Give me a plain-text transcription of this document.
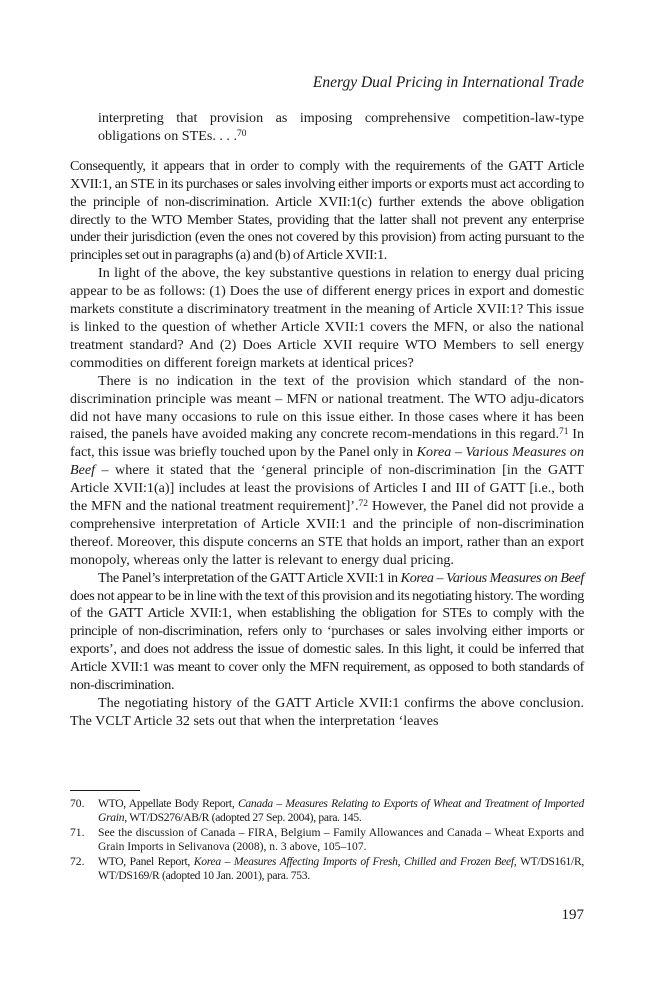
Energy Dual Pricing in International Trade

interpreting that provision as imposing comprehensive competition-law-type obligations on STEs. . . .$^{70}$

Consequently, it appears that in order to comply with the requirements of the GATT Article XVII:1, an STE in its purchases or sales involving either imports or exports must act according to the principle of non-discrimination. Article XVII:1(c) further extends the above obligation directly to the WTO Member States, providing that the latter shall not prevent any enterprise under their jurisdiction (even the ones not covered by this provision) from acting pursuant to the principles set out in paragraphs (a) and (b) of Article XVII:1.

In light of the above, the key substantive questions in relation to energy dual pricing appear to be as follows: (1) Does the use of different energy prices in export and domestic markets constitute a discriminatory treatment in the meaning of Article XVII:1? This issue is linked to the question of whether Article XVII:1 covers the MFN, or also the national treatment standard? And (2) Does Article XVII require WTO Members to sell energy commodities on different foreign markets at identical prices?

There is no indication in the text of the provision which standard of the non-discrimination principle was meant – MFN or national treatment. The WTO adju-dicators did not have many occasions to rule on this issue either. In those cases where it has been raised, the panels have avoided making any concrete recom-mendations in this regard.$^{71}$ In fact, this issue was briefly touched upon by the Panel only in Korea – Various Measures on Beef – where it stated that the ‘general principle of non-discrimination [in the GATT Article XVII:1(a)] includes at least the provisions of Articles I and III of GATT [i.e., both the MFN and the national treatment requirement]’.$^{72}$ However, the Panel did not provide a comprehensive interpretation of Article XVII:1 and the principle of non-discrimination thereof. Moreover, this dispute concerns an STE that holds an import, rather than an export monopoly, whereas only the latter is relevant to energy dual pricing.

The Panel’s interpretation of the GATT Article XVII:1 in Korea – Various Measures on Beef does not appear to be in line with the text of this provision and its negotiating history. The wording of the GATT Article XVII:1, when establishing the obligation for STEs to comply with the principle of non-discrimination, refers only to ‘purchases or sales involving either imports or exports’, and does not address the issue of domestic sales. In this light, it could be inferred that Article XVII:1 was meant to cover only the MFN requirement, as opposed to both standards of non-discrimination.

The negotiating history of the GATT Article XVII:1 confirms the above conclusion. The VCLT Article 32 sets out that when the interpretation ‘leaves

70.	WTO, Appellate Body Report, Canada – Measures Relating to Exports of Wheat and Treatment of Imported Grain, WT/DS276/AB/R (adopted 27 Sep. 2004), para. 145.
71.	See the discussion of Canada – FIRA, Belgium – Family Allowances and Canada – Wheat Exports and Grain Imports in Selivanova (2008), n. 3 above, 105–107.
72.	WTO, Panel Report, Korea – Measures Affecting Imports of Fresh, Chilled and Frozen Beef, WT/DS161/R, WT/DS169/R (adopted 10 Jan. 2001), para. 753.
197
